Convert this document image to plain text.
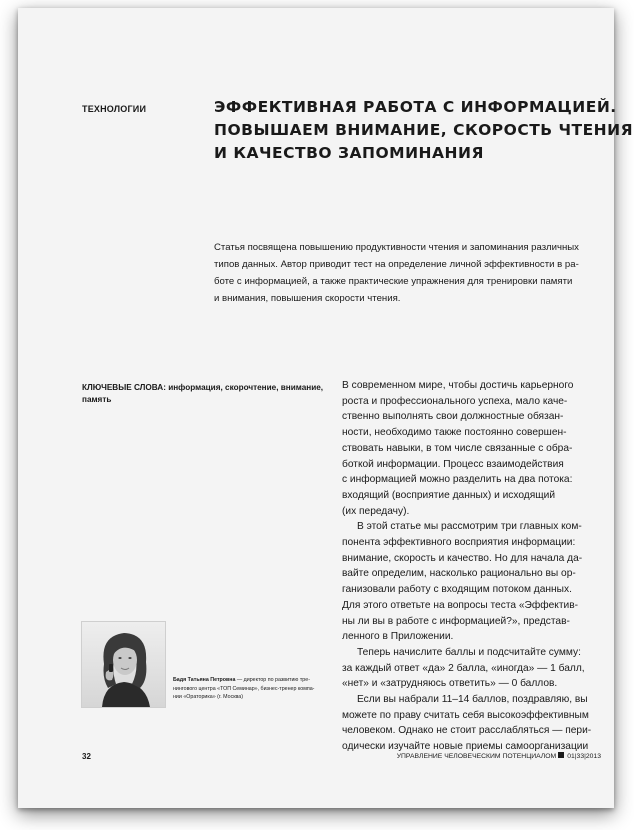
ТЕХНОЛОГИИ	ЭФФЕКТИВНАЯ РАБОТА С ИНФОРМАЦИЕЙ.
ПОВЫШАЕМ ВНИМАНИЕ, СКОРОСТЬ ЧТЕНИЯ
И КАЧЕСТВО ЗАПОМИНАНИЯ
Статья посвящена повышению продуктивности чтения и запоминания различных
типов данных. Автор приводит тест на определение личной эффективности в ра-
боте с информацией, а также практические упражнения для тренировки памяти
и внимания, повышения скорости чтения.
КЛЮЧЕВЫЕ СЛОВА: информация, скорочтение, внимание,
память
В современном мире, чтобы достичь карьерного
роста и профессионального успеха, мало каче-
ственно выполнять свои должностные обязан-
ности, необходимо также постоянно совершен-
ствовать навыки, в том числе связанные с обра-
боткой информации. Процесс взаимодействия
с информацией можно разделить на два потока:
входящий (восприятие данных) и исходящий
(их передачу).
В этой статье мы рассмотрим три главных ком-
понента эффективного восприятия информации:
внимание, скорость и качество. Но для начала да-
вайте определим, насколько рационально вы ор-
ганизовали работу с входящим потоком данных.
Для этого ответьте на вопросы теста «Эффектив-
ны ли вы в работе с информацией?», представ-
ленного в Приложении.
Теперь начислите баллы и подсчитайте сумму:
за каждый ответ «да» 2 балла, «иногда» — 1 балл,
«нет» и «затрудняюсь ответить» — 0 баллов.
Если вы набрали 11–14 баллов, поздравляю, вы
можете по праву считать себя высокоэффективным
человеком. Однако не стоит расслабляться — пери-
одически изучайте новые приемы самоорганизации
Бадя Татьяна Петровна — директор по развитию тре-
нингового центра «ТОП Семинар», бизнес-тренер компа-
нии «Ораторика» (г. Москва)
32	УПРАВЛЕНИЕ ЧЕЛОВЕЧЕСКИМ ПОТЕНЦИАЛОМ 01|33|2013
